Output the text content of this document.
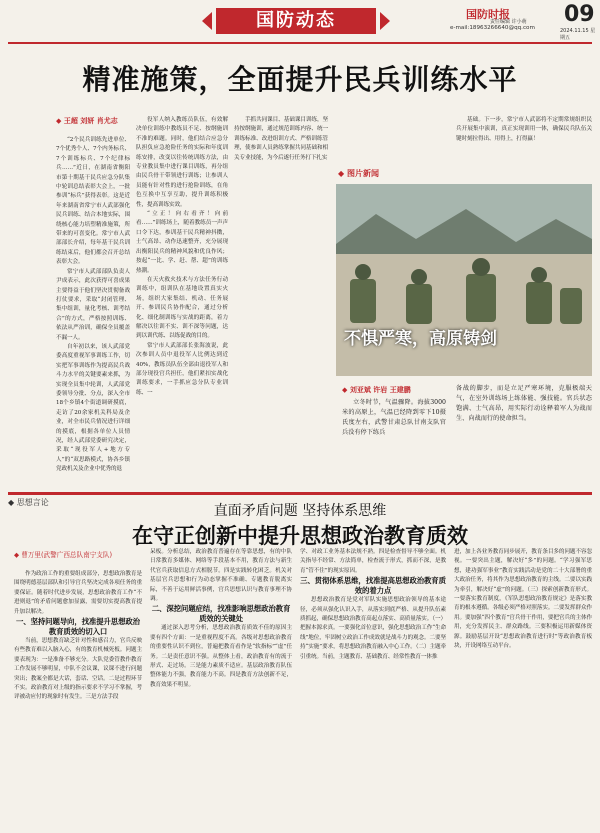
国防动态	国防时报 09
e-mail:18963266640@qq.com
责任编辑 许小萌
2024.11.15 星期五
精准施策，全面提升民兵训练水平
◆ 王超 刘妍 肖尤志

“2个民兵训练先进单位、7个优秀个人、7个内务标兵、7个训练标兵、7个纪律标兵……”近日，在湖南省衡阳市第十期基干民兵应急分队集中轮训总结表彰大会上，一批参训“标兵”获得表彰。这是近年来湖南省常宁市人武部强化民兵训练、结合本地实际，围绕核心能力培塑精准施策，所带来的可喜变化。常宁市人武部部长介绍，每年基干民兵训练结束后，他们都会召开总结表彰大会。

常宁市人武部部队负责人尹成表示，此次获得可喜成果主要得益于他们坚决贯彻备战打仗要求，采取“封闭管理、集中组训，量化考核、训考结合”的方式，严格按照训练、依法从严治训，确保全员覆盖不漏一人。

自年初以来，该人武部党委高度重视军事训练工作，切实把军事训练作为提高民兵战斗力水平的关键要素来抓，为实现全员集中轮训，人武部党委领导分批、分点，深入全市18个乡镇4个街道调研摸底，走访了20余家机关科局及企业，对全市民兵情况进行详细的摸底，根据各单位人员情况，经人武部党委研究决定，采取“现役军人+地方专人”的“双思路模式，协各乡镇党政机关及企业中优秀的退

役军人纳入教练员队伍，有效解决单位训练中教练员不足、按纲施训不准的难题。同时，他们结合应急分队担负应急抢险任务的实际和年度训练安排，改变以往传统训练方法，由专业教员集中进行课目训练，再分组由民兵骨干带领进行训练；让参训人员能有针对性的进行抢险训练，在角色互换中互享互助，提升训练积极性，提高训练实效。

“立正！向右看齐！向前看……”训练场上，随着教练员一声声口令下达，参训基干民兵精神抖擞，士气高昂、动作迅速整齐，充分展现出衡阳民兵的精神风貌和优良作风；按起“一比、学、赶、帮、超”的训练热潮。

在天火救火技术与方法任务行动训练中，组训队在基地设置真实火场，组织大家集结、机动、任务展开、参训民兵协作配合，通过分析化、细化制训练与实战的距离，着力解决以往训不实、训不深等问题，达到以训代练、以练促战的目的。

常宁市人武部部长张海波说，此次参训人员中退役军人比例达到近40%，教练员队伍全部由退役军人和部分现役官兵担任，他们紧扣实战化训练要求，一手抓应急分队专业训练、一

手抓共同课目、基础课目训练，坚持按纲施训，通过规范训练内容、统一训练标准、改进组训方式、严格训练管理，使参训人员熟练掌握共同基础和相关专业技能，为今后遂行任务打下扎实

基础。下一步，常宁市人武部将不定期常规组织民兵开展集中演训，真正实现训用一体，确保民兵队伍关键时刻拉得出、用得上，打得赢！

◆ 图片新闻
不惧严寒，高原铸剑
◆ 刘亚斌 许岩 王建鹏

立冬时节，气温骤降。海拔3000米的高原上，气温已经降到零下10摄氏度左右，武警甘肃总队甘南支队官兵没有停下练兵

备战的脚步，而是立足严寒环境，克服极端天气，在室外训练场上练体能、强技能。官兵状态饱满、士气高昂，用实际行动诠释着军人为战而生、向战而行的使命担当。

◆ 思想言论
直面矛盾问题 坚持体系思维
在守正创新中提升思想政治教育质效
◆ 曹万里(武警广西总队南宁支队)

作为政治工作的重要组成部分，思想政治教育是围绕明德基层部队和引导官兵坚决完成各项任务的重要保证。随着时代进步发展，思想政治教育工作“不进则退”的矛盾问题愈加显露，需要切实提高教育提升加以解决。

一、坚持问题导向，找准提升思想政治教育质效的切入口

当前，思想教育缺乏针对性和感召力，官兵反映有些教育难以入脑入心，有的教育机械死板。问题主要表现为：一是准备不够充分。大队党委管教作教育工作发展不够明显，中队不会议课，议课不进行问题突出；教案全都是大话，套话、空话。二是过程环节不实。政治教育对上级的指示要求不学习不掌握，考评被动应付的现象时有发生。三是方法手段

呆板。分析总结，政治教育普遍存在等靠思想，有的中队日常教育多媒体、网络等手段基本不用，教育方法与新生代官兵获取信息方式相脱节。四是实践转化困乏。机关对基层官兵思想和行为动态掌握不准确、专题教育脱离实际，不善于运用鲜活事例，官兵思想认识与教育事理不协调。

二、深挖问题症结，找准影响思想政治教育质效的关键处

通过深入思考分析，思想政治教育质效不佳的原因主要有四个方面：一是重视程度不高。各级对思想政治教育的重要性认识不到位，普遍把教育看作是“软指标”“虚”任务。二是责任意识不强。从整体上看，政治教育有的流于形式、走过场。三是能力素质不适应。基层政治教育队伍整体能力不强，教育能力不高。四是教育方法创新不足，教育效果不明显。

学、对政工业务基本法规不熟。四是检查督导不够全面。机关指导不经常、方法简单，检查流于形式，抓而不深，是教育“管不住”的现实原因。

三、贯彻体系思维，找准提高思想政治教育质效的着力点

思想政治教育是党对军队实施思想政治领导的基本途径，必须从强化认识入手，从落实到底严格、从提升队伍素质抓起，确保思想政治教育高起点落实、高质量落实。（一）把握本源求真。一要强化首位意识，强化思想政治工作“生命线”地位，牢固树立政治工作成效就是战斗力的观念。二要坚持“实施”要求，将思想政治教育融入中心工作。（二）主题牵引重统。当前，主题教育、基础教育、经常性教育一体推

进，加上各业务教育同步展开，教育条目多的问题不容忽视。一要突出主题，解决好“多”的问题。“学习强军思想，建功强军事业”教育实践活动是党的二十大部署的重大政治任务，将其作为思想政治教育的主线。二要以实践为牵引，解决好“虚”的问题。（三）探索创新教育形式。一要落实教育制度，《军队思想政治教育规定》是落实教育的根本遵循。各级必须严格对照落实。二要发挥群众作用。要加强“四个教育”官兵骨干作用，要把官兵的主体作用，充分发挥民主、群众路线。三要积极运用新媒体资源。鼓励基层开设“思想政治教育进行时”等政治教育板块，开设网络互动平台。
